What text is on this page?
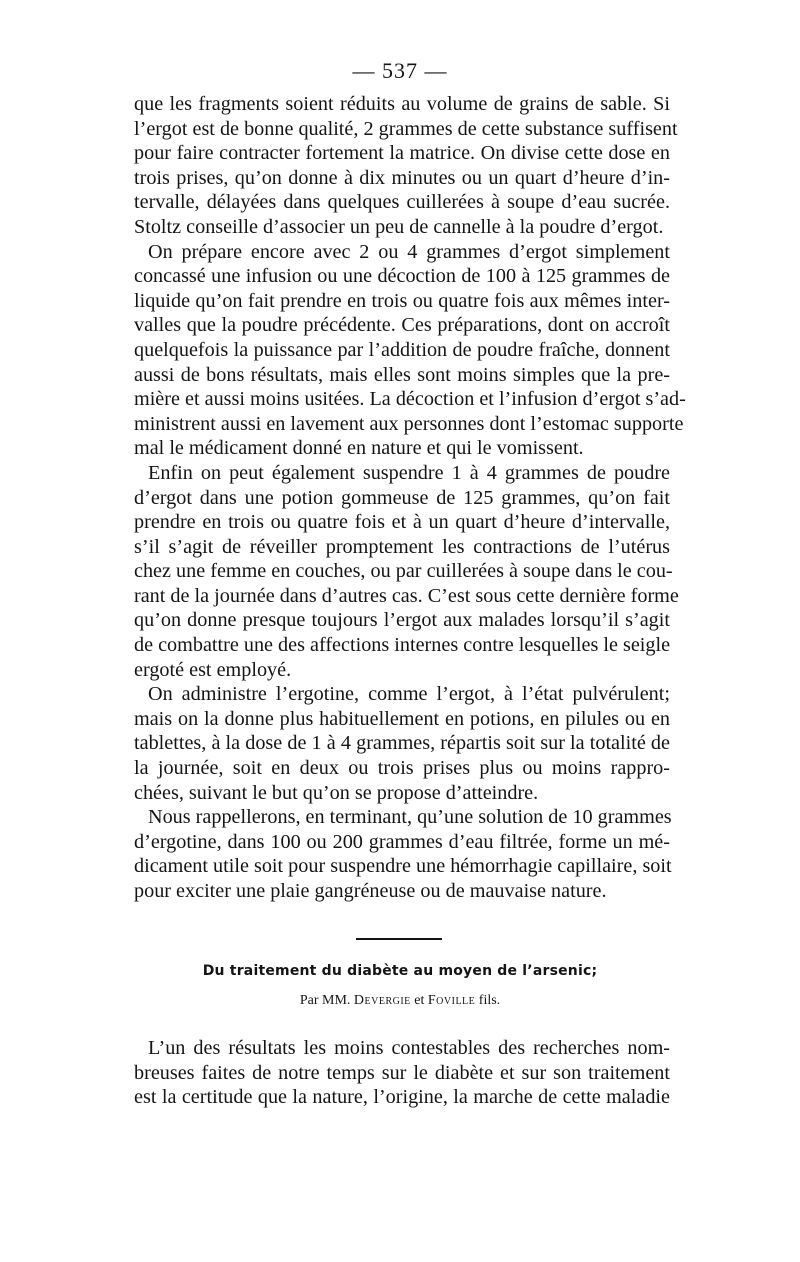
— 537 —
que les fragments soient réduits au volume de grains de sable. Si
l’ergot est de bonne qualité, 2 grammes de cette substance suffisent
pour faire contracter fortement la matrice. On divise cette dose en
trois prises, qu’on donne à dix minutes ou un quart d’heure d’in-
tervalle, délayées dans quelques cuillerées à soupe d’eau sucrée.
Stoltz conseille d’associer un peu de cannelle à la poudre d’ergot.
On prépare encore avec 2 ou 4 grammes d’ergot simplement
concassé une infusion ou une décoction de 100 à 125 grammes de
liquide qu’on fait prendre en trois ou quatre fois aux mêmes inter-
valles que la poudre précédente. Ces préparations, dont on accroît
quelquefois la puissance par l’addition de poudre fraîche, donnent
aussi de bons résultats, mais elles sont moins simples que la pre-
mière et aussi moins usitées. La décoction et l’infusion d’ergot s’ad-
ministrent aussi en lavement aux personnes dont l’estomac supporte
mal le médicament donné en nature et qui le vomissent.
Enfin on peut également suspendre 1 à 4 grammes de poudre
d’ergot dans une potion gommeuse de 125 grammes, qu’on fait
prendre en trois ou quatre fois et à un quart d’heure d’intervalle,
s’il s’agit de réveiller promptement les contractions de l’utérus
chez une femme en couches, ou par cuillerées à soupe dans le cou-
rant de la journée dans d’autres cas. C’est sous cette dernière forme
qu’on donne presque toujours l’ergot aux malades lorsqu’il s’agit
de combattre une des affections internes contre lesquelles le seigle
ergoté est employé.
On administre l’ergotine, comme l’ergot, à l’état pulvérulent;
mais on la donne plus habituellement en potions, en pilules ou en
tablettes, à la dose de 1 à 4 grammes, répartis soit sur la totalité de
la journée, soit en deux ou trois prises plus ou moins rappro-
chées, suivant le but qu’on se propose d’atteindre.
Nous rappellerons, en terminant, qu’une solution de 10 grammes
d’ergotine, dans 100 ou 200 grammes d’eau filtrée, forme un mé-
dicament utile soit pour suspendre une hémorrhagie capillaire, soit
pour exciter une plaie gangréneuse ou de mauvaise nature.
Du traitement du diabète au moyen de l’arsenic;
Par MM. Devergie et Foville fils.
L’un des résultats les moins contestables des recherches nom-
breuses faites de notre temps sur le diabète et sur son traitement
est la certitude que la nature, l’origine, la marche de cette maladie
